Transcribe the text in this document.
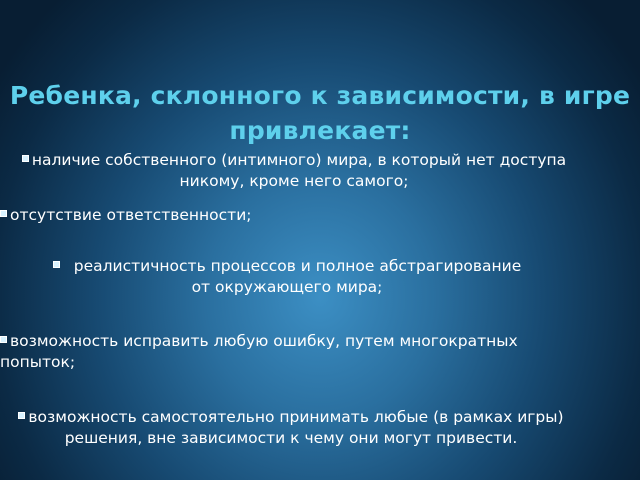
Ребенка, склонного к зависимости, в игре привлекает:
наличие собственного (интимного) мира, в который нет доступа никому, кроме него самого;
отсутствие ответственности;
реалистичность процессов и полное абстрагирование от окружающего мира;
возможность исправить любую ошибку, путем многократных попыток;
возможность самостоятельно принимать любые (в рамках игры) решения, вне зависимости к чему они могут привести.
